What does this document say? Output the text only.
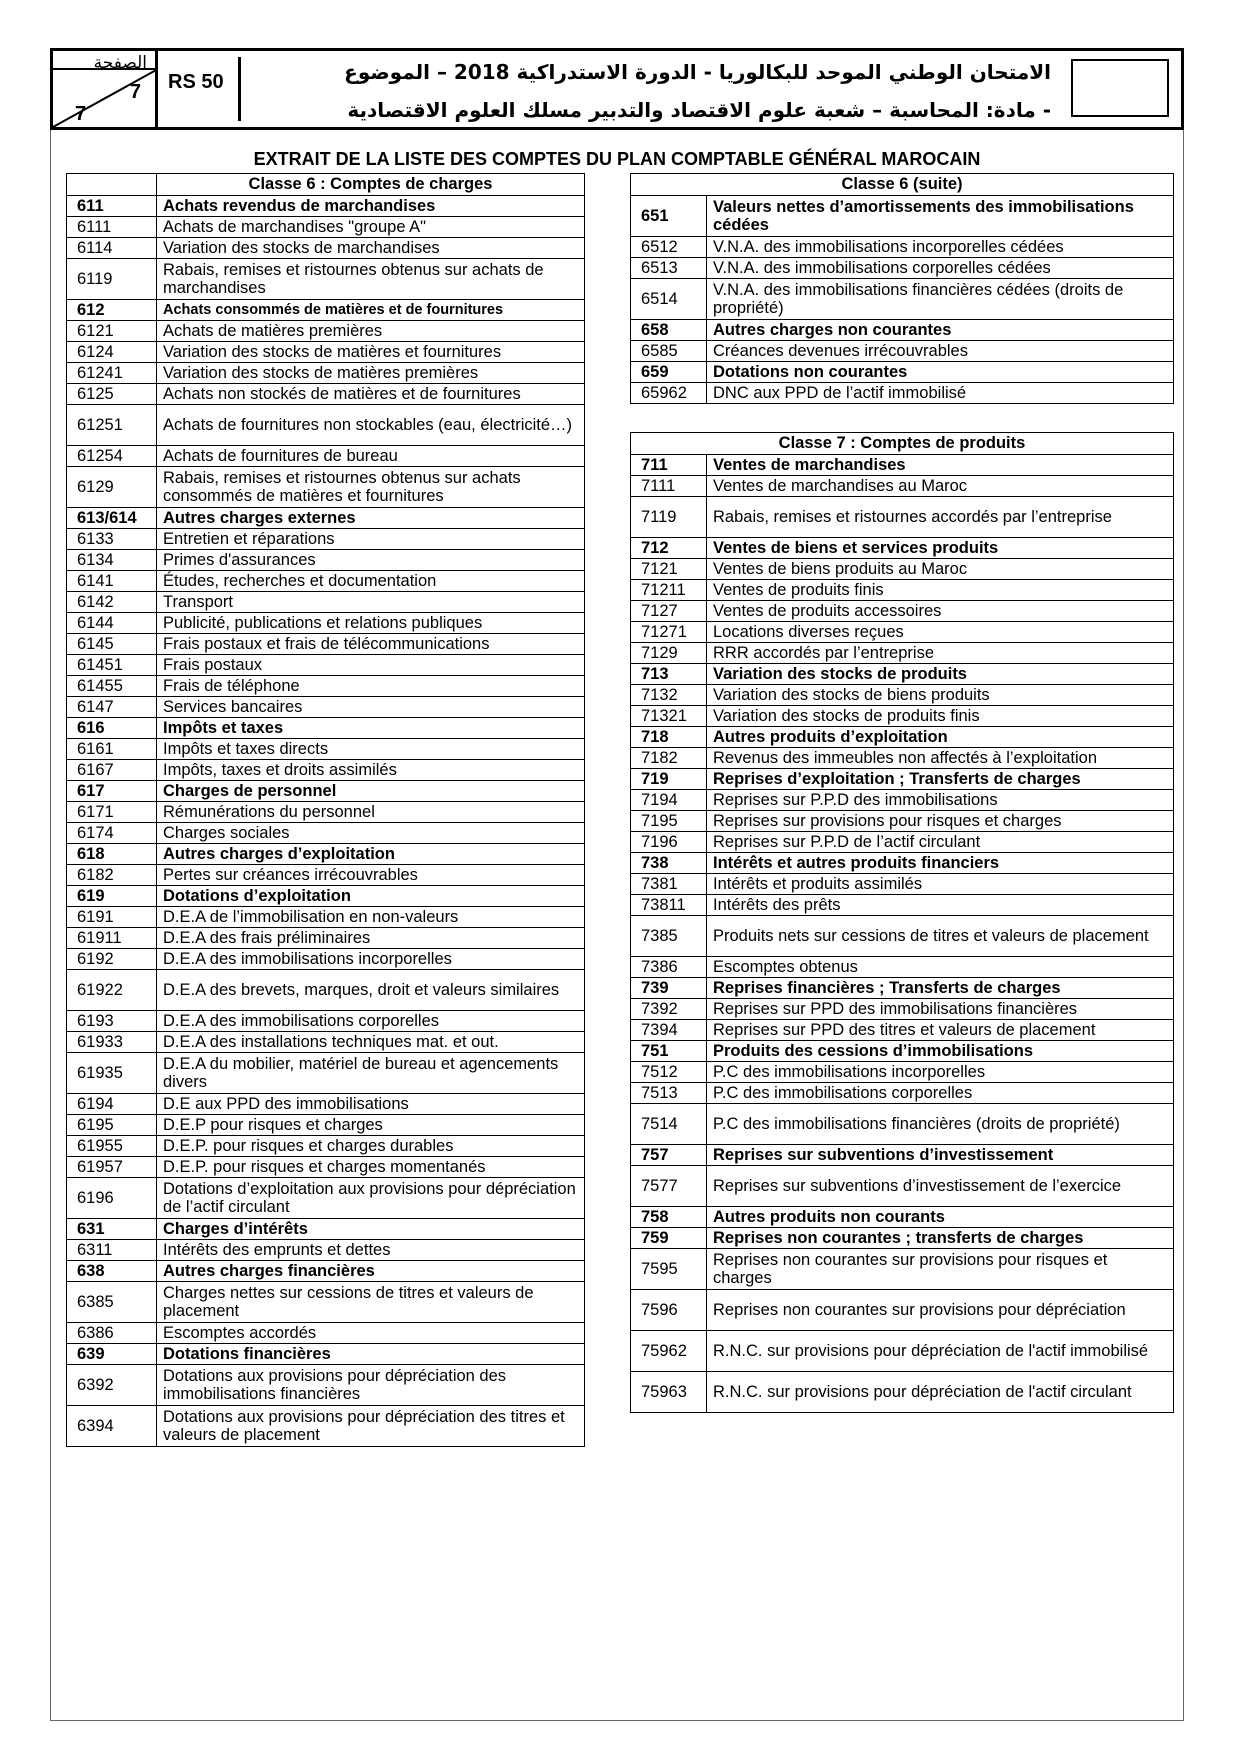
الصفحة
7
7
RS 50	الامتحان الوطني الموحد للبكالوريا - الدورة الاستدراكية 2018 – الموضوع
- مادة: المحاسبة – شعبة علوم الاقتصاد والتدبير مسلك العلوم الاقتصادية
EXTRAIT DE LA LISTE DES COMPTES DU PLAN COMPTABLE GÉNÉRAL MAROCAIN
	Classe 6 : Comptes de charges
611	Achats revendus de marchandises
6111	Achats de marchandises "groupe A"
6114	Variation des stocks de marchandises
6119	Rabais, remises et ristournes obtenus sur achats de marchandises
612	Achats consommés de matières et de fournitures
6121	Achats de matières premières
6124	Variation des stocks de matières et fournitures
61241	Variation des stocks de matières premières
6125	Achats non stockés de matières et de fournitures
61251	Achats de fournitures non stockables (eau, électricité…)
61254	Achats de fournitures de bureau
6129	Rabais, remises et ristournes obtenus sur achats consommés de matières et fournitures
613/614	Autres charges externes
6133	Entretien et réparations
6134	Primes d'assurances
6141	Études, recherches et documentation
6142	Transport
6144	Publicité, publications et relations publiques
6145	Frais postaux et frais de télécommunications
61451	Frais postaux
61455	Frais de téléphone
6147	Services bancaires
616	Impôts et taxes
6161	Impôts et taxes directs
6167	Impôts, taxes et droits assimilés
617	Charges de personnel
6171	Rémunérations du personnel
6174	Charges sociales
618	Autres charges d’exploitation
6182	Pertes sur créances irrécouvrables
619	Dotations d’exploitation
6191	D.E.A de l’immobilisation en non-valeurs
61911	D.E.A des frais préliminaires
6192	D.E.A des immobilisations incorporelles
61922	D.E.A des brevets, marques, droit et valeurs similaires
6193	D.E.A des immobilisations corporelles
61933	D.E.A des installations techniques mat. et out.
61935	D.E.A du mobilier, matériel de bureau et agencements divers
6194	D.E aux PPD des immobilisations
6195	D.E.P pour risques et charges
61955	D.E.P. pour risques et charges durables
61957	D.E.P. pour risques et charges momentanés
6196	Dotations d’exploitation aux provisions pour dépréciation de l’actif circulant
631	Charges d’intérêts
6311	Intérêts des emprunts et dettes
638	Autres charges financières
6385	Charges nettes sur cessions de titres et valeurs de placement
6386	Escomptes accordés
639	Dotations financières
6392	Dotations aux provisions pour dépréciation des immobilisations financières
6394	Dotations aux provisions pour dépréciation des titres et valeurs de placement
Classe 6 (suite)	
651	Valeurs nettes d’amortissements des immobilisations cédées
6512	V.N.A. des immobilisations incorporelles cédées
6513	V.N.A. des immobilisations corporelles cédées
6514	V.N.A. des immobilisations financières cédées (droits de propriété)
658	Autres charges non courantes
6585	Créances devenues irrécouvrables
659	Dotations non courantes
65962	DNC aux PPD de l’actif immobilisé
Classe 7 : Comptes de produits	
711	Ventes de marchandises
7111	Ventes de marchandises au Maroc
7119	Rabais, remises et ristournes accordés par l’entreprise
712	Ventes de biens et services produits
7121	Ventes de biens produits au Maroc
71211	Ventes de produits finis
7127	Ventes de produits accessoires
71271	Locations diverses reçues
7129	RRR accordés par l’entreprise
713	Variation des stocks de produits
7132	Variation des stocks de biens produits
71321	Variation des stocks de produits finis
718	Autres produits d’exploitation
7182	Revenus des immeubles non affectés à l’exploitation
719	Reprises d’exploitation ; Transferts de charges
7194	Reprises sur P.P.D des immobilisations
7195	Reprises sur provisions pour risques et charges
7196	Reprises sur P.P.D de l’actif circulant
738	Intérêts et autres produits financiers
7381	Intérêts et produits assimilés
73811	Intérêts des prêts
7385	Produits nets sur cessions de titres et valeurs de placement
7386	Escomptes obtenus
739	Reprises financières ; Transferts de charges
7392	Reprises sur PPD des immobilisations financières
7394	Reprises sur PPD des titres et valeurs de placement
751	Produits des cessions d’immobilisations
7512	P.C des immobilisations incorporelles
7513	P.C des immobilisations corporelles
7514	P.C des immobilisations financières (droits de propriété)
757	Reprises sur subventions d’investissement
7577	Reprises sur subventions d’investissement de l’exercice
758	Autres produits non courants
759	Reprises non courantes ; transferts de charges
7595	Reprises non courantes sur provisions pour risques et charges
7596	Reprises non courantes sur provisions pour dépréciation
75962	R.N.C. sur provisions pour dépréciation de l'actif immobilisé
75963	R.N.C. sur provisions pour dépréciation de l'actif circulant
